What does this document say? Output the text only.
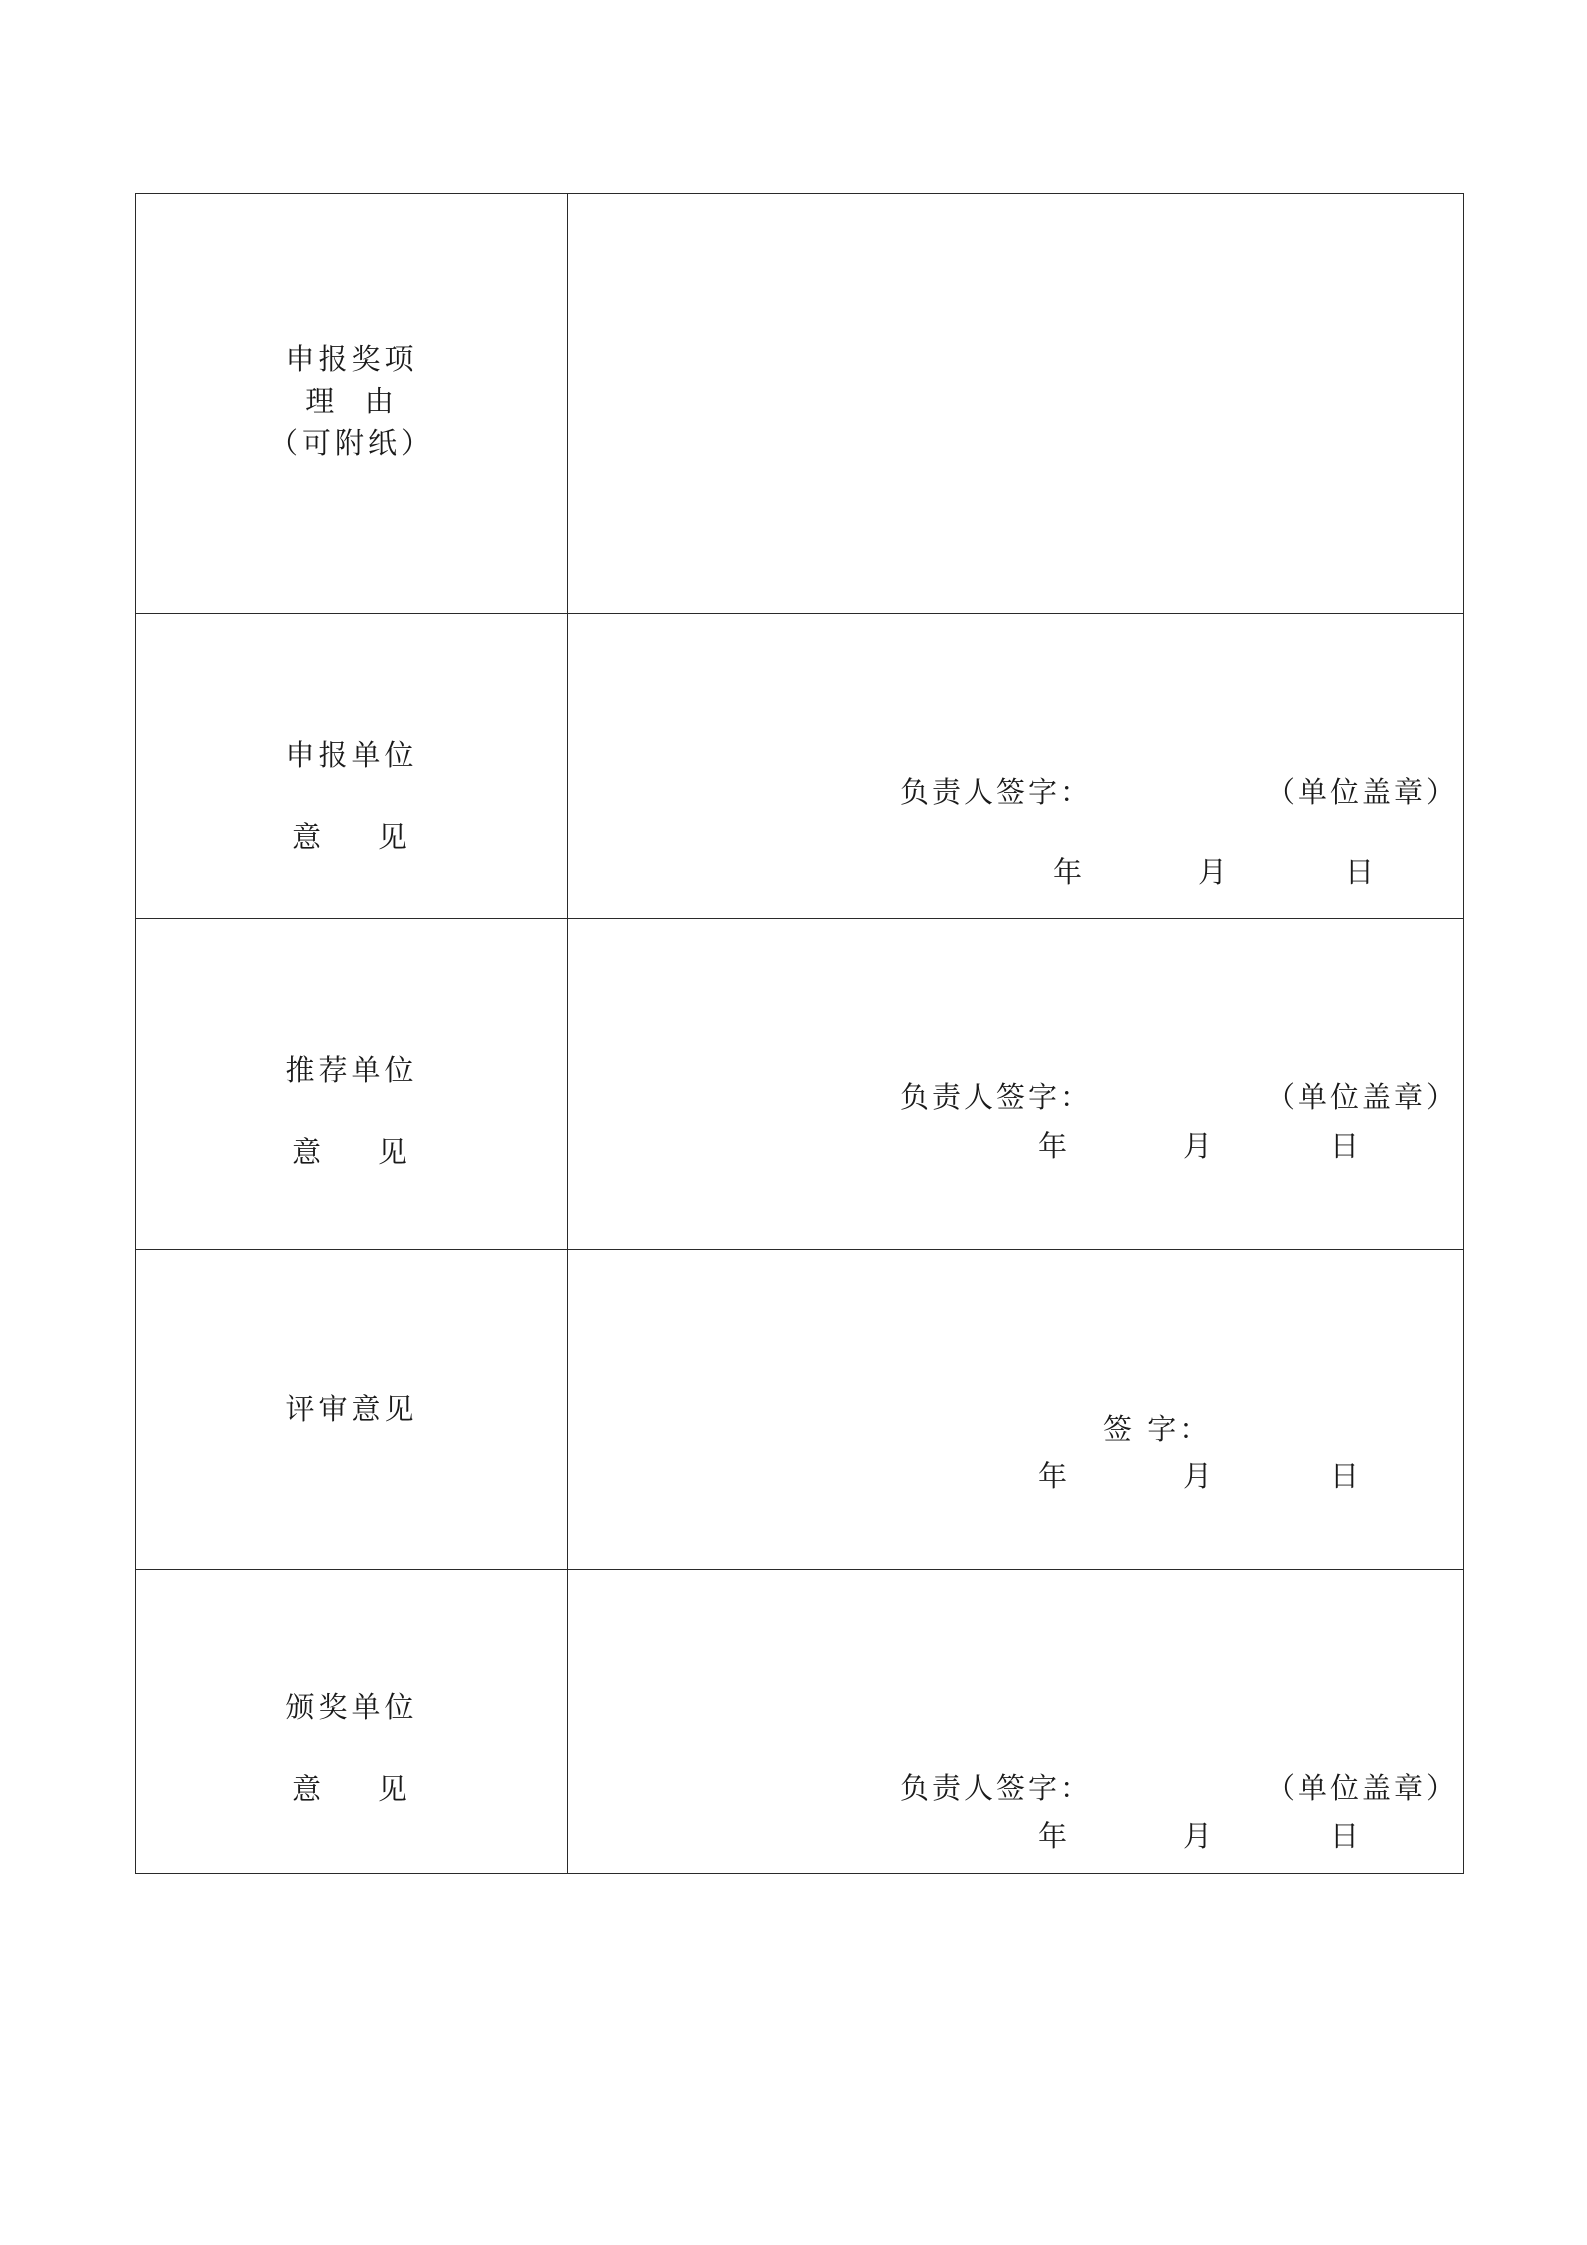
申报奖项
理  由
（可附纸）	

申报单位
意    见	负责人签字： （单位盖章）
年 月 日

推荐单位
意    见	负责人签字： （单位盖章）
年 月 日

评审意见	签 字：
年 月 日

颁奖单位
意    见	负责人签字： （单位盖章）
年 月 日
